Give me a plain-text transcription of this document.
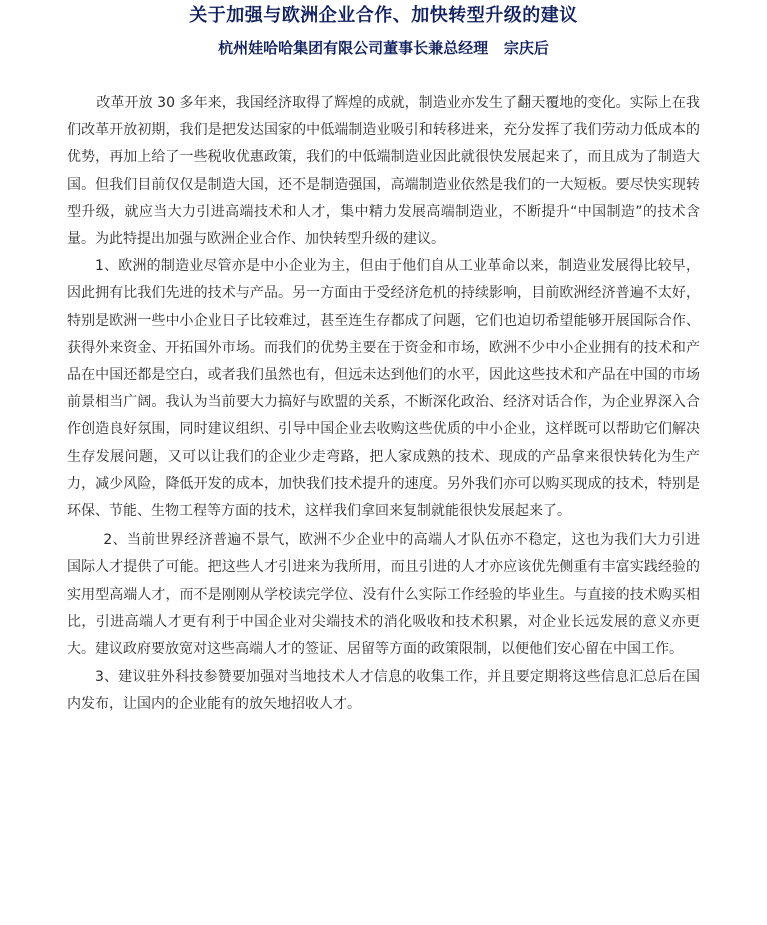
关于加强与欧洲企业合作、加快转型升级的建议
杭州娃哈哈集团有限公司董事长兼总经理   宗庆后

改革开放 30 多年来，我国经济取得了辉煌的成就，制造业亦发生了翻天覆地的变化。实际上在我们改革开放初期，我们是把发达国家的中低端制造业吸引和转移进来，充分发挥了我们劳动力低成本的优势，再加上给了一些税收优惠政策，我们的中低端制造业因此就很快发展起来了，而且成为了制造大国。但我们目前仅仅是制造大国，还不是制造强国，高端制造业依然是我们的一大短板。要尽快实现转型升级，就应当大力引进高端技术和人才，集中精力发展高端制造业，不断提升“中国制造”的技术含量。为此特提出加强与欧洲企业合作、加快转型升级的建议。

1、欧洲的制造业尽管亦是中小企业为主，但由于他们自从工业革命以来，制造业发展得比较早，因此拥有比我们先进的技术与产品。另一方面由于受经济危机的持续影响，目前欧洲经济普遍不太好，特别是欧洲一些中小企业日子比较难过，甚至连生存都成了问题，它们也迫切希望能够开展国际合作、获得外来资金、开拓国外市场。而我们的优势主要在于资金和市场，欧洲不少中小企业拥有的技术和产品在中国还都是空白，或者我们虽然也有，但远未达到他们的水平，因此这些技术和产品在中国的市场前景相当广阔。我认为当前要大力搞好与欧盟的关系，不断深化政治、经济对话合作，为企业界深入合作创造良好氛围，同时建议组织、引导中国企业去收购这些优质的中小企业，这样既可以帮助它们解决生存发展问题，又可以让我们的企业少走弯路，把人家成熟的技术、现成的产品拿来很快转化为生产力，减少风险，降低开发的成本，加快我们技术提升的速度。另外我们亦可以购买现成的技术，特别是环保、节能、生物工程等方面的技术，这样我们拿回来复制就能很快发展起来了。

2、当前世界经济普遍不景气，欧洲不少企业中的高端人才队伍亦不稳定，这也为我们大力引进国际人才提供了可能。把这些人才引进来为我所用，而且引进的人才亦应该优先侧重有丰富实践经验的实用型高端人才，而不是刚刚从学校读完学位、没有什么实际工作经验的毕业生。与直接的技术购买相比，引进高端人才更有利于中国企业对尖端技术的消化吸收和技术积累，对企业长远发展的意义亦更大。建议政府要放宽对这些高端人才的签证、居留等方面的政策限制，以便他们安心留在中国工作。

3、建议驻外科技参赞要加强对当地技术人才信息的收集工作，并且要定期将这些信息汇总后在国内发布，让国内的企业能有的放矢地招收人才。
